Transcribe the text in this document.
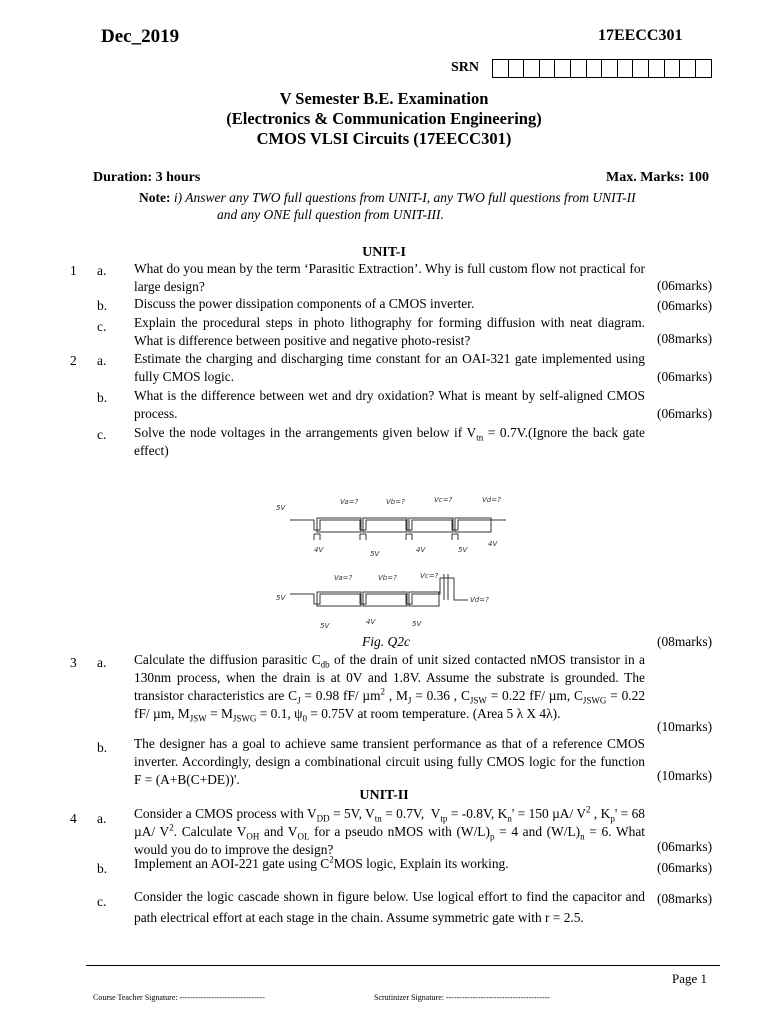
Dec_2019	17EECC301
SRN
V Semester B.E. Examination
(Electronics & Communication Engineering)
CMOS VLSI Circuits (17EECC301)
Duration: 3 hours	Max. Marks: 100
Note: i) Answer any TWO full questions from UNIT-I, any TWO full questions from UNIT-II
and any ONE full question from UNIT-III.
UNIT-I
1 a. What do you mean by the term ‘Parasitic Extraction’. Why is full custom flow not practical for large design?	(06marks)
b. Discuss the power dissipation components of a CMOS inverter.	(06marks)
c. Explain the procedural steps in photo lithography for forming diffusion with neat diagram. What is difference between positive and negative photo-resist?	(08marks)
2 a. Estimate the charging and discharging time constant for an OAI-321 gate implemented using fully CMOS logic.	(06marks)
b. What is the difference between wet and dry oxidation? What is meant by self-aligned CMOS process.	(06marks)
c. Solve the node voltages in the arrangements given below if $V_{tn}$ = 0.7V.(Ignore the back gate effect)
5V
Va=?	Vb=?	Vc=?	Vd=?
4V	5V	4V	5V
4V
5V
Va=?	Vb=?	Vc=?
Vd=?
5V	4V	5V
Fig. Q2c	(08marks)
3 a. Calculate the diffusion parasitic $C_{db}$ of the drain of unit sized contacted nMOS transistor in a 130nm process, when the drain is at 0V and 1.8V. Assume the substrate is grounded. The transistor characteristics are $C_J = 0.98$ fF/ µm$^2$ , $M_J = 0.36$ , $C_{JSW} = 0.22$ fF/ µm, $C_{JSWG} = 0.22$ fF/ µm, $M_{JSW} = M_{JSWG} = 0.1$, $\psi_0 = 0.75V$ at room temperature. (Area 5 λ X 4λ).
(10marks)
b. The designer has a goal to achieve same transient performance as that of a reference CMOS inverter. Accordingly, design a combinational circuit using fully CMOS logic for the function F = (A+B(C+DE))'.	(10marks)
UNIT-II
4 a. Consider a CMOS process with $V_{DD} = 5V$, $V_{tn} = 0.7V$,  $V_{tp} = -0.8V$, $K_n' = 150$ µA/ $V^2$ , $K_p' = 68$ µA/ $V^2$. Calculate $V_{OH}$ and $V_{OL}$ for a pseudo nMOS with $(W/L)_p = 4$ and $(W/L)_n = 6$. What would you do to improve the design?	(06marks)
b. Implement an AOI-221 gate using $C^2MOS$ logic, Explain its working.	(06marks)
c. Consider the logic cascade shown in figure below. Use logical effort to find the capacitor and path electrical effort at each stage in the chain. Assume symmetric gate with r = 2.5.
(08marks)
Page 1
Course Teacher Signature: --------------------------------	Scrutinizer Signature: ---------------------------------------
